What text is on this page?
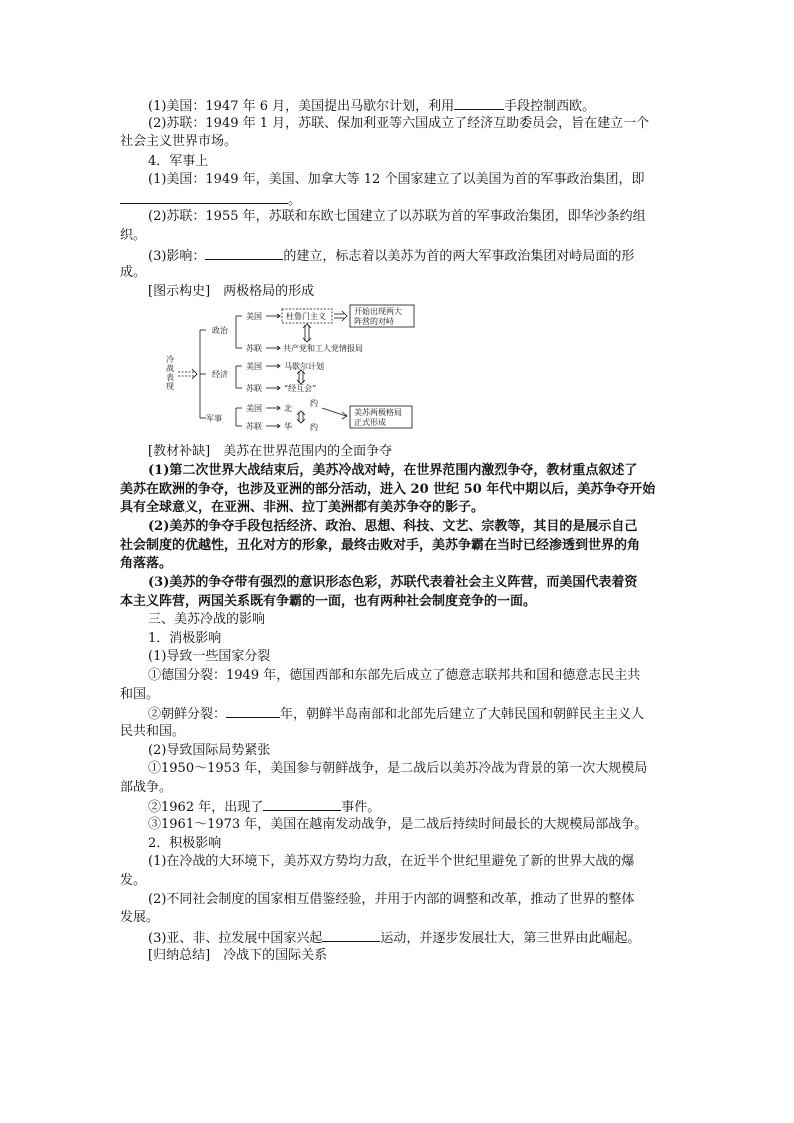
(1)美国：1947 年 6 月，美国提出马歇尔计划，利用	手段控制西欧。
(2)苏联：1949 年 1 月，苏联、保加利亚等六国成立了经济互助委员会，旨在建立一个
社会主义世界市场。
4．军事上
(1)美国：1949 年，美国、加拿大等 12 个国家建立了以美国为首的军事政治集团，即
。
(2)苏联：1955 年，苏联和东欧七国建立了以苏联为首的军事政治集团，即华沙条约组
织。
(3)影响：	的建立，标志着以美苏为首的两大军事政治集团对峙局面的形
成。
[图示构史]　两极格局的形成
冷
战
表
现
政治
经济
军事
美国
苏联
杜鲁门主义
共产党和工人党情报局
开始出现两大
阵营的对峙
美国
苏联
马歇尔计划
“经互会”
美国
苏联
北
华
约
约
美苏两极格局
正式形成
[教材补缺]　美苏在世界范围内的全面争夺
(1)第二次世界大战结束后，美苏冷战对峙，在世界范围内激烈争夺，教材重点叙述了
美苏在欧洲的争夺，也涉及亚洲的部分活动，进入 20 世纪 50 年代中期以后，美苏争夺开始
具有全球意义，在亚洲、非洲、拉丁美洲都有美苏争夺的影子。
(2)美苏的争夺手段包括经济、政治、思想、科技、文艺、宗教等，其目的是展示自己
社会制度的优越性，丑化对方的形象，最终击败对手，美苏争霸在当时已经渗透到世界的角
角落落。
(3)美苏的争夺带有强烈的意识形态色彩，苏联代表着社会主义阵营，而美国代表着资
本主义阵营，两国关系既有争霸的一面，也有两种社会制度竞争的一面。
三、美苏冷战的影响
1．消极影响
(1)导致一些国家分裂
①德国分裂：1949 年，德国西部和东部先后成立了德意志联邦共和国和德意志民主共
和国。
②朝鲜分裂：	年，朝鲜半岛南部和北部先后建立了大韩民国和朝鲜民主主义人
民共和国。
(2)导致国际局势紧张
①1950～1953 年，美国参与朝鲜战争，是二战后以美苏冷战为背景的第一次大规模局
部战争。
②1962 年，出现了	事件。
③1961～1973 年，美国在越南发动战争，是二战后持续时间最长的大规模局部战争。
2．积极影响
(1)在冷战的大环境下，美苏双方势均力敌，在近半个世纪里避免了新的世界大战的爆
发。
(2)不同社会制度的国家相互借鉴经验，并用于内部的调整和改革，推动了世界的整体
发展。
(3)亚、非、拉发展中国家兴起	运动，并逐步发展壮大，第三世界由此崛起。
[归纳总结]　冷战下的国际关系
